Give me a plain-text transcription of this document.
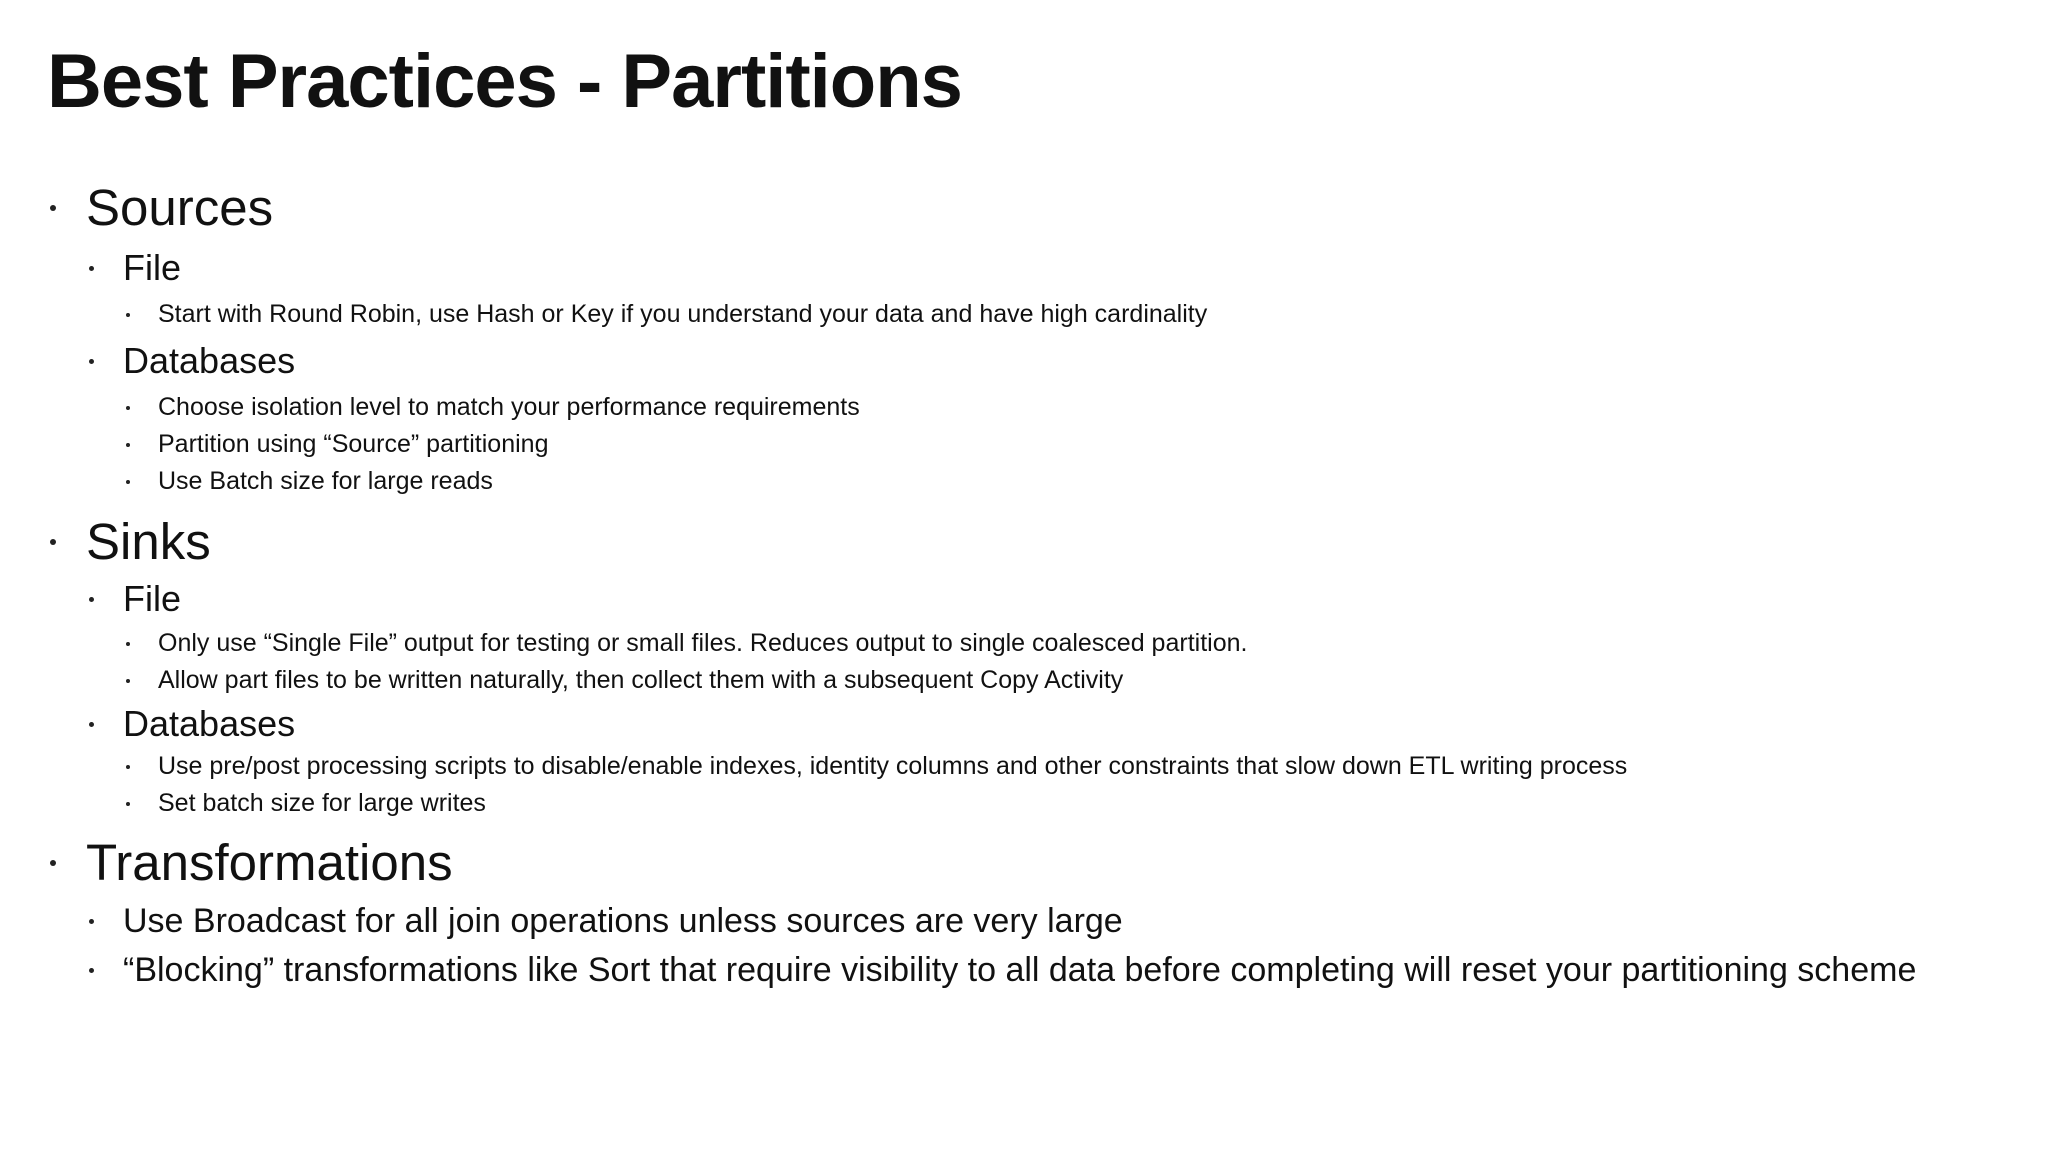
Best Practices - Partitions
Sources
File
Start with Round Robin, use Hash or Key if you understand your data and have high cardinality
Databases
Choose isolation level to match your performance requirements
Partition using “Source” partitioning
Use Batch size for large reads
Sinks
File
Only use “Single File” output for testing or small files. Reduces output to single coalesced partition.
Allow part files to be written naturally, then collect them with a subsequent Copy Activity
Databases
Use pre/post processing scripts to disable/enable indexes, identity columns and other constraints that slow down ETL writing process
Set batch size for large writes
Transformations
Use Broadcast for all join operations unless sources are very large
“Blocking” transformations like Sort that require visibility to all data before completing will reset your partitioning scheme
